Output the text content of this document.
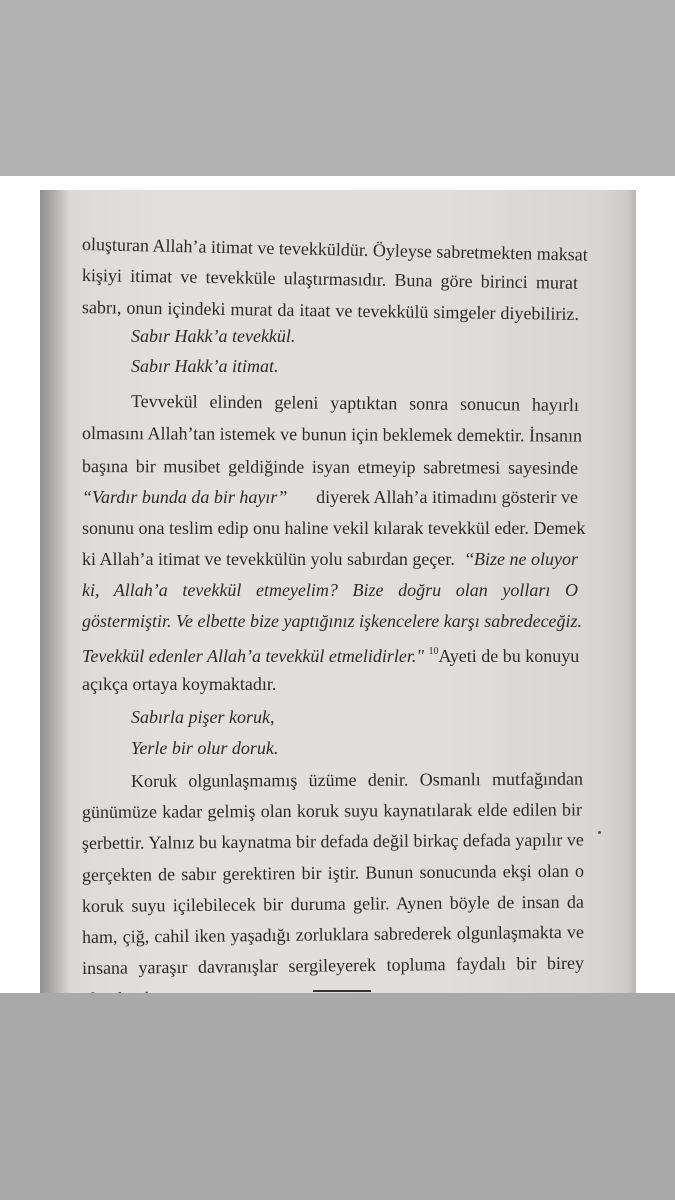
oluşturan Allah’a itimat ve tevekküldür. Öyleyse sabretmekten maksat
kişiyi itimat ve tevekküle ulaştırmasıdır. Buna göre birinci murat
sabrı, onun içindeki murat da itaat ve tevekkülü simgeler diyebiliriz.
Sabır Hakk’a tevekkül.
Sabır Hakk’a itimat.
Tevvekül elinden geleni yaptıktan sonra sonucun hayırlı
olmasını Allah’tan istemek ve bunun için beklemek demektir. İnsanın
başına bir musibet geldiğinde isyan etmeyip sabretmesi sayesinde
“Vardır bunda da bir hayır” diyerek Allah’a itimadını gösterir ve
sonunu ona teslim edip onu haline vekil kılarak tevekkül eder. Demek
ki Allah’a itimat ve tevekkülün yolu sabırdan geçer. ‘‘Bize ne oluyor
ki, Allah’a tevekkül etmeyelim? Bize doğru olan yolları O
göstermiştir. Ve elbette bize yaptığınız işkencelere karşı sabredeceğiz.
Tevekkül edenler Allah’a tevekkül etmelidirler." $^{10}$Ayeti de bu konuyu
açıkça ortaya koymaktadır.
Sabırla pişer koruk,
Yerle bir olur doruk.
Koruk olgunlaşmamış üzüme denir. Osmanlı mutfağından
günümüze kadar gelmiş olan koruk suyu kaynatılarak elde edilen bir
şerbettir. Yalnız bu kaynatma bir defada değil birkaç defada yapılır ve
gerçekten de sabır gerektiren bir iştir. Bunun sonucunda ekşi olan o
koruk suyu içilebilecek bir duruma gelir. Aynen böyle de insan da
ham, çiğ, cahil iken yaşadığı zorluklara sabrederek olgunlaşmakta ve
insana yaraşır davranışlar sergileyerek topluma faydalı bir birey
